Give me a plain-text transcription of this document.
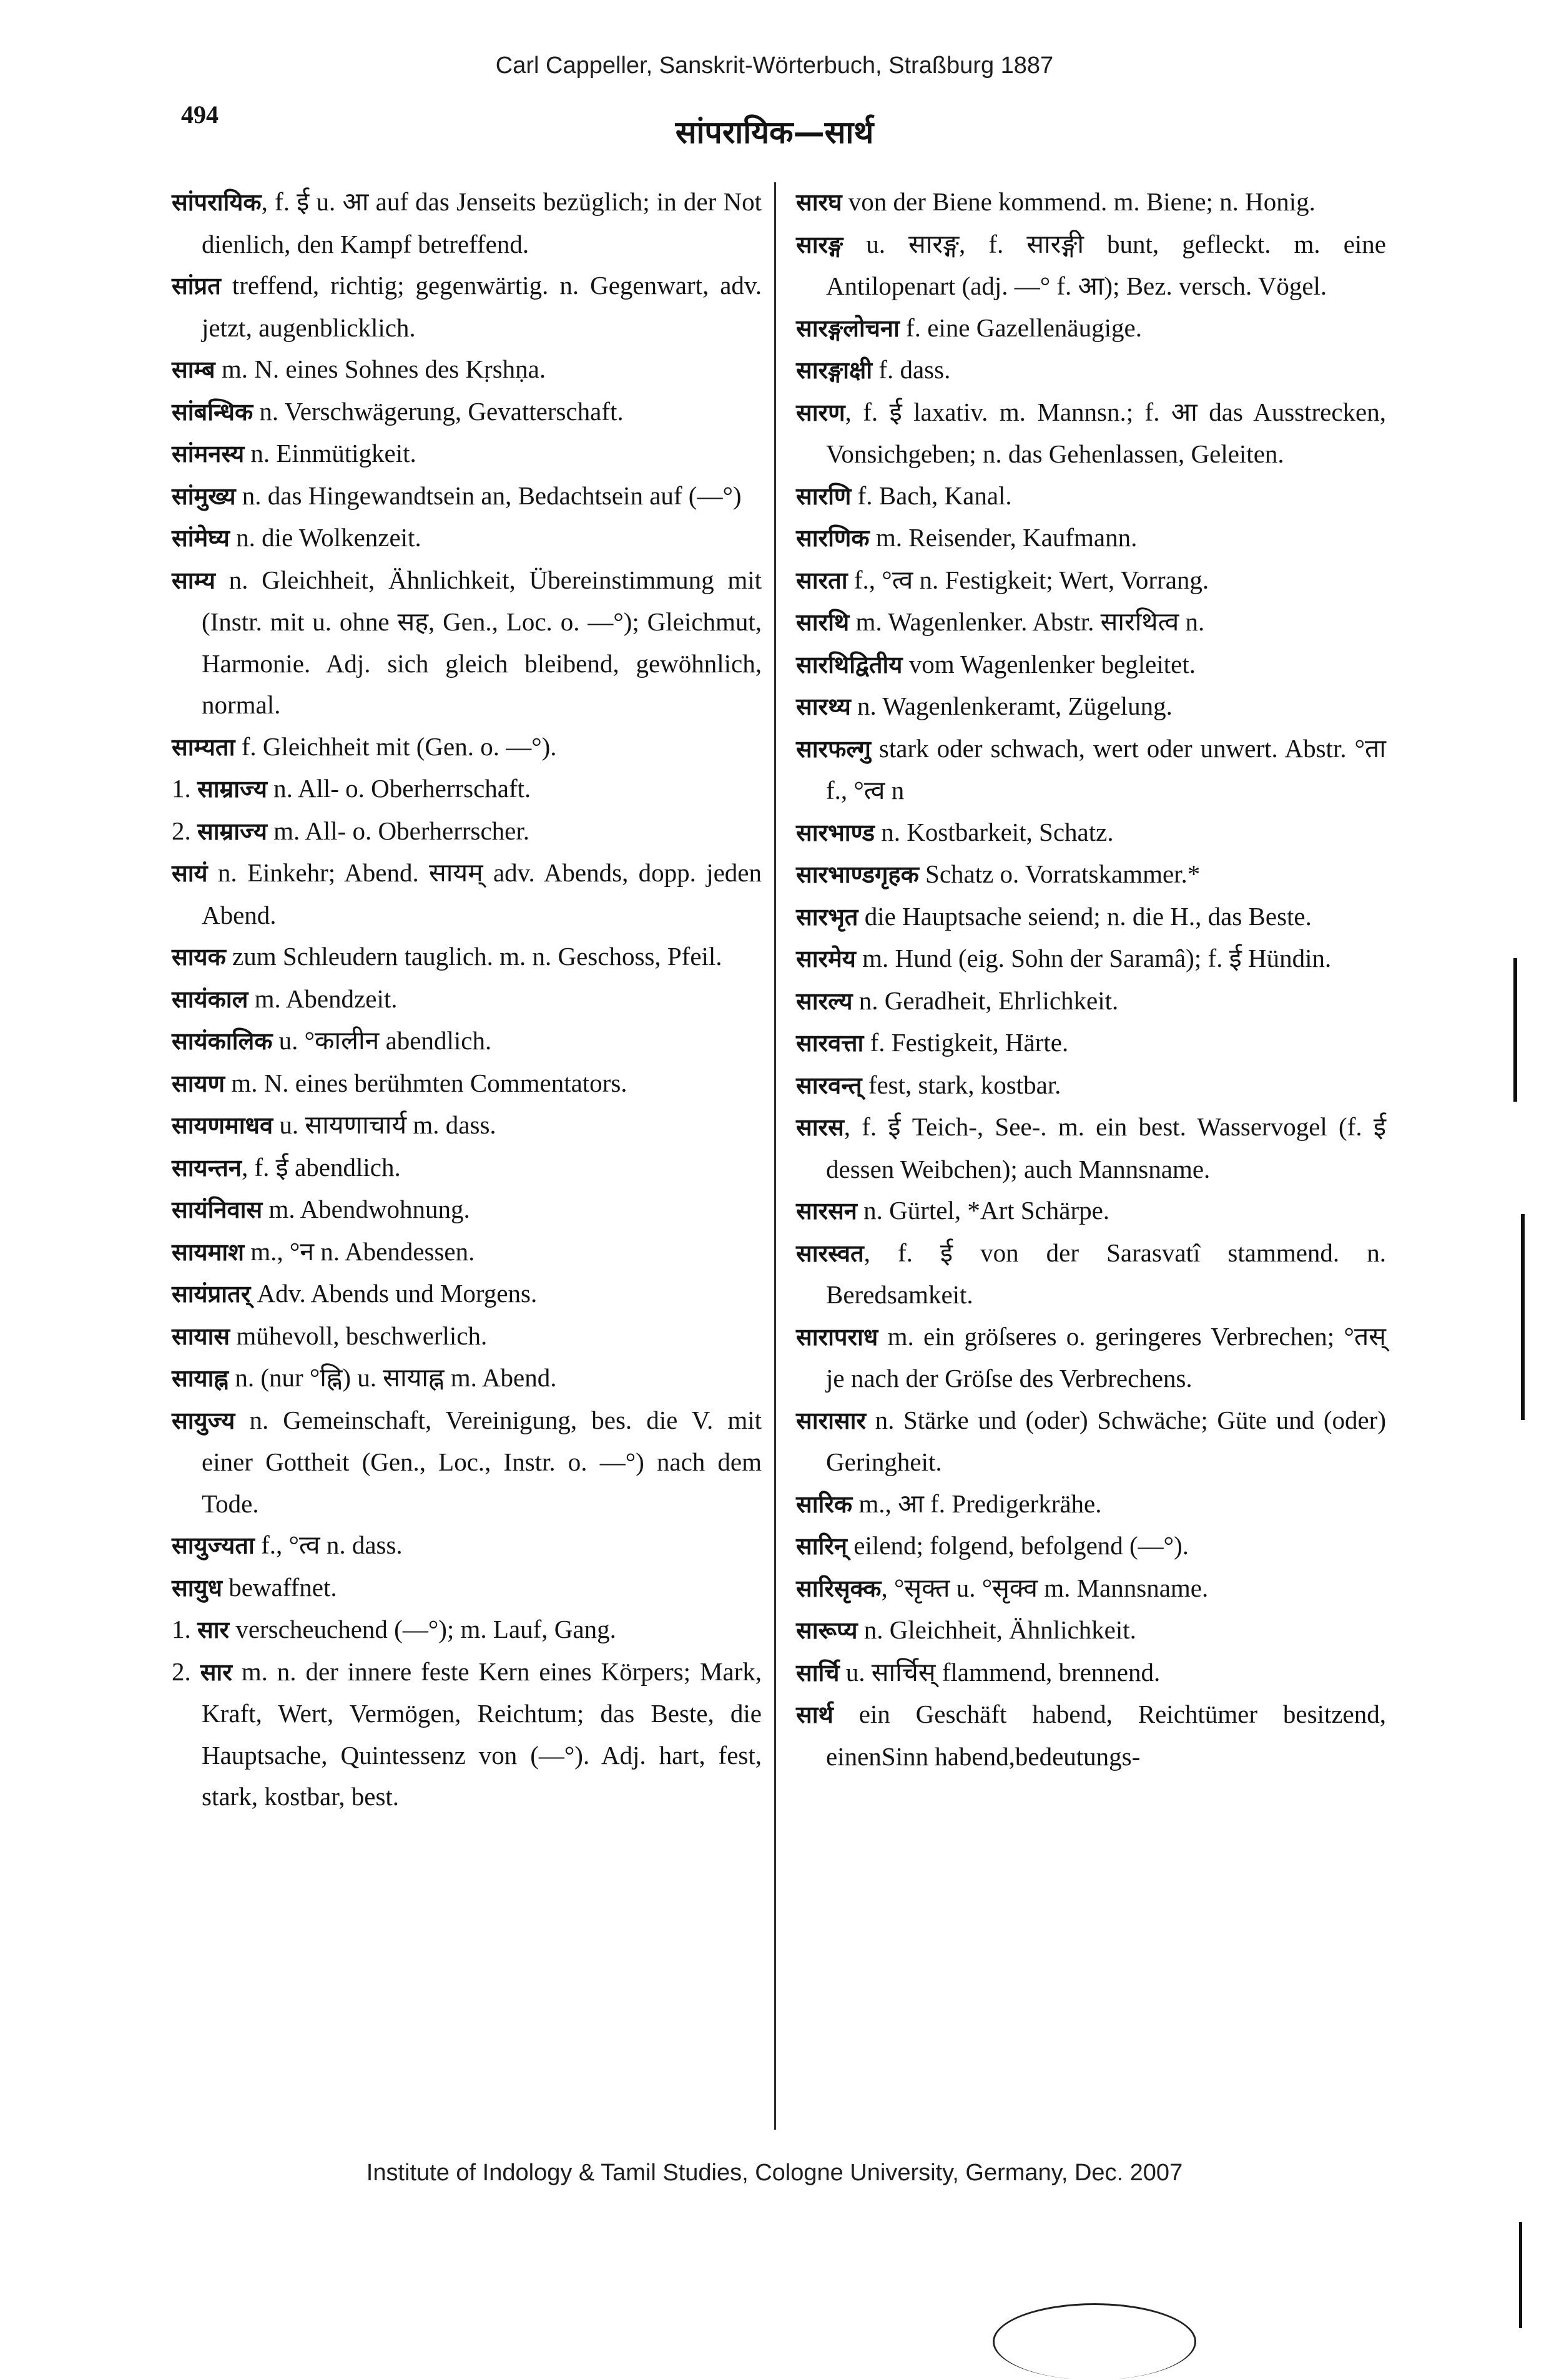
Carl Cappeller, Sanskrit-Wörterbuch, Straßburg 1887
494	सांपरायिक—सार्थ

सांपरायिक, f. ई u. आ auf das Jenseits bezüglich; in der Not dienlich, den Kampf betreffend.

सांप्रत treffend, richtig; gegenwärtig. n. Gegenwart, adv. jetzt, augenblicklich.

साम्ब m. N. eines Sohnes des Kṛshṇa.

सांबन्धिक n. Verschwägerung, Gevatterschaft.

सांमनस्य n. Einmütigkeit.

सांमुख्य n. das Hingewandtsein an, Bedachtsein auf (—°)

सांमेघ्य n. die Wolkenzeit.

साम्य n. Gleichheit, Ähnlichkeit, Übereinstimmung mit (Instr. mit u. ohne सह, Gen., Loc. o. —°); Gleichmut, Harmonie. Adj. sich gleich bleibend, gewöhnlich, normal.

साम्यता f. Gleichheit mit (Gen. o. —°).

1. साम्राज्य n. All- o. Oberherrschaft.

2. साम्राज्य m. All- o. Oberherrscher.

सायं n. Einkehr; Abend. सायम् adv. Abends, dopp. jeden Abend.

सायक zum Schleudern tauglich. m. n. Geschoss, Pfeil.

सायंकाल m. Abendzeit.

सायंकालिक u. °कालीन abendlich.

सायण m. N. eines berühmten Commentators.

सायणमाधव u. सायणाचार्य m. dass.

सायन्तन, f. ई abendlich.

सायंनिवास m. Abendwohnung.

सायमाश m., °न n. Abendessen.

सायंप्रातर् Adv. Abends und Morgens.

सायास mühevoll, beschwerlich.

सायाह्न n. (nur °ह्नि) u. सायाह्न m. Abend.

सायुज्य n. Gemeinschaft, Vereinigung, bes. die V. mit einer Gottheit (Gen., Loc., Instr. o. —°) nach dem Tode.

सायुज्यता f., °त्व n. dass.

सायुध bewaffnet.

1. सार verscheuchend (—°); m. Lauf, Gang.

2. सार m. n. der innere feste Kern eines Körpers; Mark, Kraft, Wert, Vermögen, Reichtum; das Beste, die Hauptsache, Quintessenz von (—°). Adj. hart, fest, stark, kostbar, best.

सारघ von der Biene kommend. m. Biene; n. Honig.

सारङ्ग u. सारङ्ग, f. सारङ्गी bunt, gefleckt. m. eine Antilopenart (adj. —° f. आ); Bez. versch. Vögel.

सारङ्गलोचना f. eine Gazellenäugige.

सारङ्गाक्षी f. dass.

सारण, f. ई laxativ. m. Mannsn.; f. आ das Ausstrecken, Vonsichgeben; n. das Gehenlassen, Geleiten.

सारणि f. Bach, Kanal.

सारणिक m. Reisender, Kaufmann.

सारता f., °त्व n. Festigkeit; Wert, Vorrang.

सारथि m. Wagenlenker. Abstr. सारथित्व n.

सारथिद्वितीय vom Wagenlenker begleitet.

सारथ्य n. Wagenlenkeramt, Zügelung.

सारफल्गु stark oder schwach, wert oder unwert. Abstr. °ता f., °त्व n

सारभाण्ड n. Kostbarkeit, Schatz.

सारभाण्डगृहक Schatz o. Vorratskammer.*

सारभृत die Hauptsache seiend; n. die H., das Beste.

सारमेय m. Hund (eig. Sohn der Saramâ); f. ई Hündin.

सारल्य n. Geradheit, Ehrlichkeit.

सारवत्ता f. Festigkeit, Härte.

सारवन्त् fest, stark, kostbar.

सारस, f. ई Teich-, See-. m. ein best. Wasservogel (f. ई dessen Weibchen); auch Mannsname.

सारसन n. Gürtel, *Art Schärpe.

सारस्वत, f. ई von der Sarasvatî stammend. n. Beredsamkeit.

सारापराध m. ein gröſseres o. geringeres Verbrechen; °तस् je nach der Gröſse des Verbrechens.

सारासार n. Stärke und (oder) Schwäche; Güte und (oder) Geringheit.

सारिक m., आ f. Predigerkrähe.

सारिन् eilend; folgend, befolgend (—°).

सारिसृक्क, °सृक्त u. °सृक्व m. Mannsname.

सारूप्य n. Gleichheit, Ähnlichkeit.

सार्चि u. सार्चिस् flammend, brennend.

सार्थ ein Geschäft habend, Reichtümer besitzend, einenSinn habend,bedeutungs-

Institute of Indology & Tamil Studies, Cologne University, Germany, Dec. 2007
